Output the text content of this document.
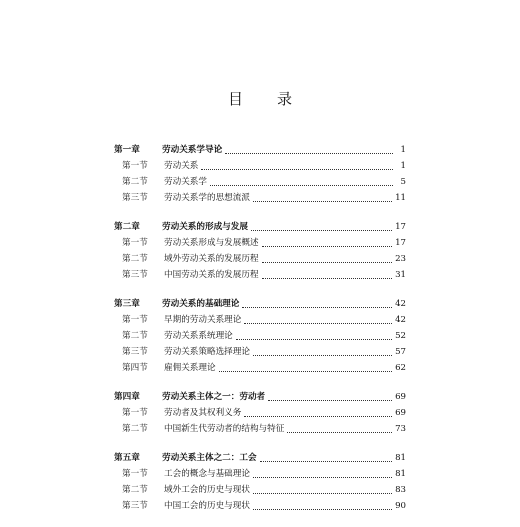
目 录
第一章	劳动关系学导论	1
第一节	劳动关系	1
第二节	劳动关系学	5
第三节	劳动关系学的思想流派	11
第二章	劳动关系的形成与发展	17
第一节	劳动关系形成与发展概述	17
第二节	域外劳动关系的发展历程	23
第三节	中国劳动关系的发展历程	31
第三章	劳动关系的基础理论	42
第一节	早期的劳动关系理论	42
第二节	劳动关系系统理论	52
第三节	劳动关系策略选择理论	57
第四节	雇佣关系理论	62
第四章	劳动关系主体之一：劳动者	69
第一节	劳动者及其权利义务	69
第二节	中国新生代劳动者的结构与特征	73
第五章	劳动关系主体之二：工会	81
第一节	工会的概念与基础理论	81
第二节	域外工会的历史与现状	83
第三节	中国工会的历史与现状	90
